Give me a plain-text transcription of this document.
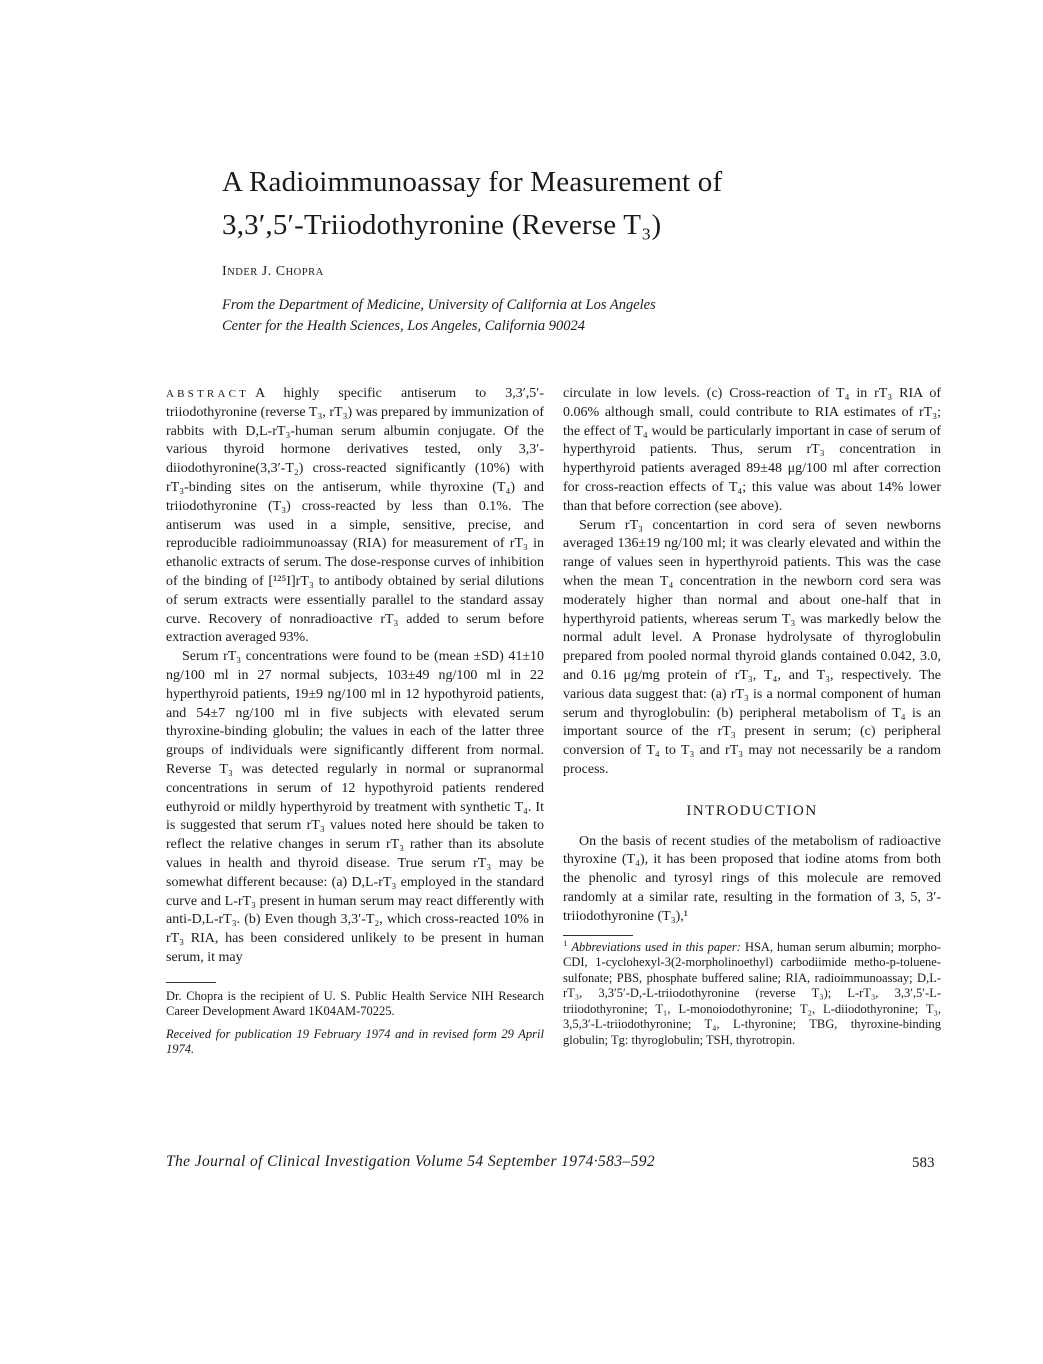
A Radioimmunoassay for Measurement of
3,3′,5′-Triiodothyronine (Reverse T₃)
INDER J. CHOPRA

From the Department of Medicine, University of California at Los Angeles
Center for the Health Sciences, Los Angeles, California 90024

ABSTRACT A highly specific antiserum to 3,3′,5′-triiodothyronine (reverse T₃, rT₃) was prepared by immunization of rabbits with D,L-rT₃-human serum albumin conjugate. Of the various thyroid hormone derivatives tested, only 3,3′-diiodothyronine(3,3′-T₂) cross-reacted significantly (10%) with rT₃-binding sites on the antiserum, while thyroxine (T₄) and triiodothyronine (T₃) cross-reacted by less than 0.1%. The antiserum was used in a simple, sensitive, precise, and reproducible radioimmunoassay (RIA) for measurement of rT₃ in ethanolic extracts of serum. The dose-response curves of inhibition of the binding of [¹²⁵I]rT₃ to antibody obtained by serial dilutions of serum extracts were essentially parallel to the standard assay curve. Recovery of nonradioactive rT₃ added to serum before extraction averaged 93%.

Serum rT₃ concentrations were found to be (mean ±SD) 41±10 ng/100 ml in 27 normal subjects, 103±49 ng/100 ml in 22 hyperthyroid patients, 19±9 ng/100 ml in 12 hypothyroid patients, and 54±7 ng/100 ml in five subjects with elevated serum thyroxine-binding globulin; the values in each of the latter three groups of individuals were significantly different from normal. Reverse T₃ was detected regularly in normal or supranormal concentrations in serum of 12 hypothyroid patients rendered euthyroid or mildly hyperthyroid by treatment with synthetic T₄. It is suggested that serum rT₃ values noted here should be taken to reflect the relative changes in serum rT₃ rather than its absolute values in health and thyroid disease. True serum rT₃ may be somewhat different because: (a) D,L-rT₃ employed in the standard curve and L-rT₃ present in human serum may react differently with anti-D,L-rT₃. (b) Even though 3,3′-T₂, which cross-reacted 10% in rT₃ RIA, has been considered unlikely to be present in human serum, it may

Dr. Chopra is the recipient of U. S. Public Health Service NIH Research Career Development Award 1K04AM-70225.

Received for publication 19 February 1974 and in revised form 29 April 1974.

circulate in low levels. (c) Cross-reaction of T₄ in rT₃ RIA of 0.06% although small, could contribute to RIA estimates of rT₃; the effect of T₄ would be particularly important in case of serum of hyperthyroid patients. Thus, serum rT₃ concentration in hyperthyroid patients averaged 89±48 μg/100 ml after correction for cross-reaction effects of T₄; this value was about 14% lower than that before correction (see above).

Serum rT₃ concentartion in cord sera of seven newborns averaged 136±19 ng/100 ml; it was clearly elevated and within the range of values seen in hyperthyroid patients. This was the case when the mean T₄ concentration in the newborn cord sera was moderately higher than normal and about one-half that in hyperthyroid patients, whereas serum T₃ was markedly below the normal adult level. A Pronase hydrolysate of thyroglobulin prepared from pooled normal thyroid glands contained 0.042, 3.0, and 0.16 μg/mg protein of rT₃, T₄, and T₃, respectively. The various data suggest that: (a) rT₃ is a normal component of human serum and thyroglobulin: (b) peripheral metabolism of T₄ is an important source of the rT₃ present in serum; (c) peripheral conversion of T₄ to T₃ and rT₃ may not necessarily be a random process.

INTRODUCTION

On the basis of recent studies of the metabolism of radioactive thyroxine (T₄), it has been proposed that iodine atoms from both the phenolic and tyrosyl rings of this molecule are removed randomly at a similar rate, resulting in the formation of 3, 5, 3′-triiodothyronine (T₃),¹

$^1$ Abbreviations used in this paper: HSA, human serum albumin; morpho-CDI, 1-cyclohexyl-3(2-morpholinoethyl) carbodiimide metho-p-toluene-sulfonate; PBS, phosphate buffered saline; RIA, radioimmunoassay; D,L-rT₃, 3,3′5′-D,-L-triiodothyronine (reverse T₃); L-rT₃, 3,3′,5′-L-triiodothyronine; T₁, L-monoiodothyronine; T₂, L-diiodothyronine; T₃, 3,5,3′-L-triiodothyronine; T₄, L-thyronine; TBG, thyroxine-binding globulin; Tg: thyroglobulin; TSH, thyrotropin.

The Journal of Clinical Investigation Volume 54 September 1974·583–592	583
